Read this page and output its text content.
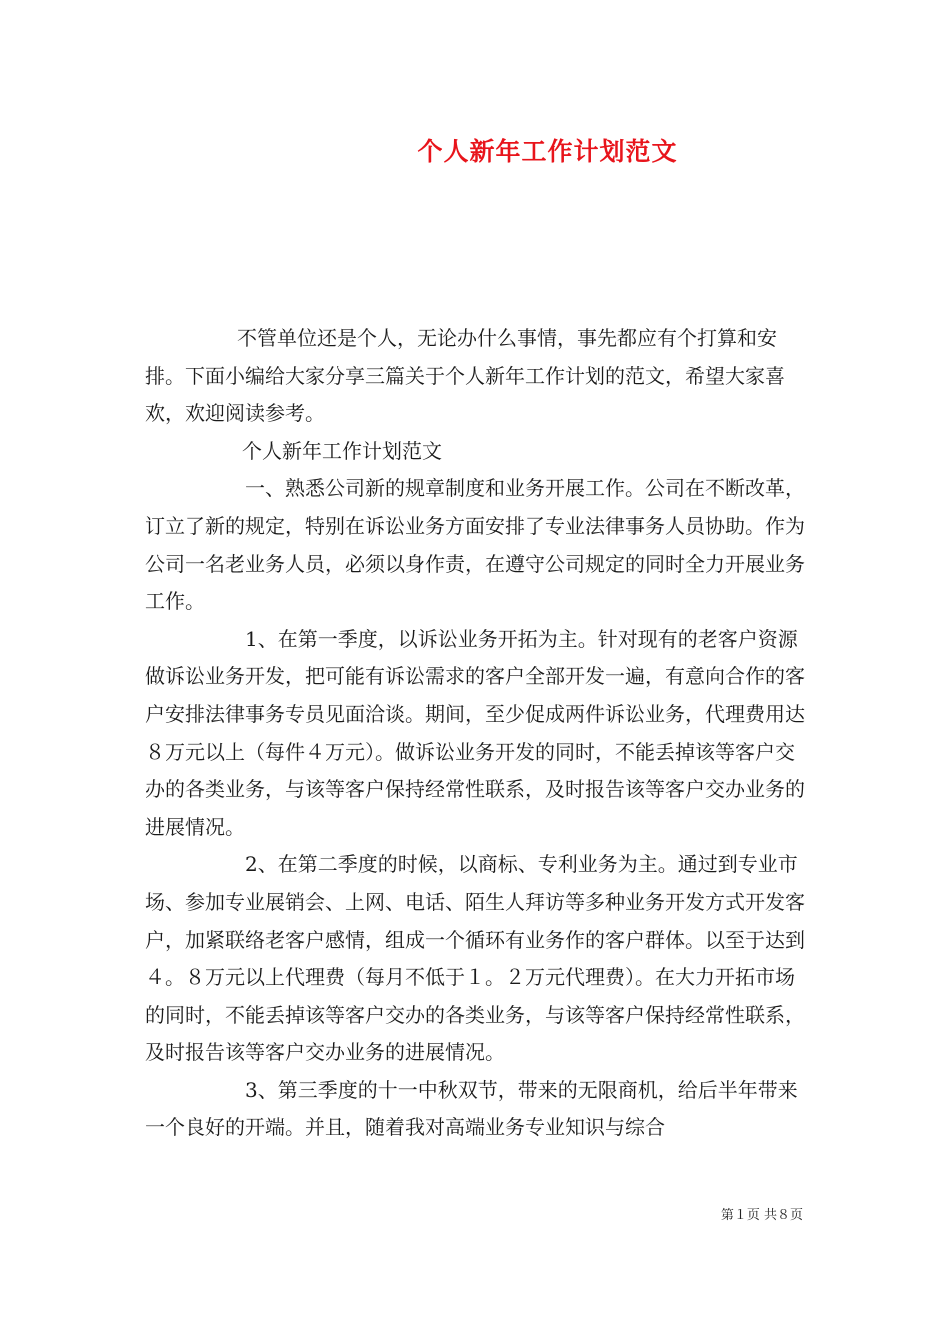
个人新年工作计划范文

不管单位还是个人，无论办什么事情，事先都应有个打算和安排。下面小编给大家分享三篇关于个人新年工作计划的范文，希望大家喜欢，欢迎阅读参考。

个人新年工作计划范文

一、熟悉公司新的规章制度和业务开展工作。公司在不断改革，订立了新的规定，特别在诉讼业务方面安排了专业法律事务人员协助。作为公司一名老业务人员，必须以身作责，在遵守公司规定的同时全力开展业务工作。

1、在第一季度，以诉讼业务开拓为主。针对现有的老客户资源做诉讼业务开发，把可能有诉讼需求的客户全部开发一遍，有意向合作的客户安排法律事务专员见面洽谈。期间，至少促成两件诉讼业务，代理费用达８万元以上（每件４万元）。做诉讼业务开发的同时，不能丢掉该等客户交办的各类业务，与该等客户保持经常性联系，及时报告该等客户交办业务的进展情况。

2、在第二季度的时候，以商标、专利业务为主。通过到专业市场、参加专业展销会、上网、电话、陌生人拜访等多种业务开发方式开发客户，加紧联络老客户感情，组成一个循环有业务作的客户群体。以至于达到４。８万元以上代理费（每月不低于１。２万元代理费）。在大力开拓市场的同时，不能丢掉该等客户交办的各类业务，与该等客户保持经常性联系，及时报告该等客户交办业务的进展情况。

3、第三季度的十一中秋双节，带来的无限商机，给后半年带来一个良好的开端。并且，随着我对高端业务专业知识与综合

第１页 共８页
